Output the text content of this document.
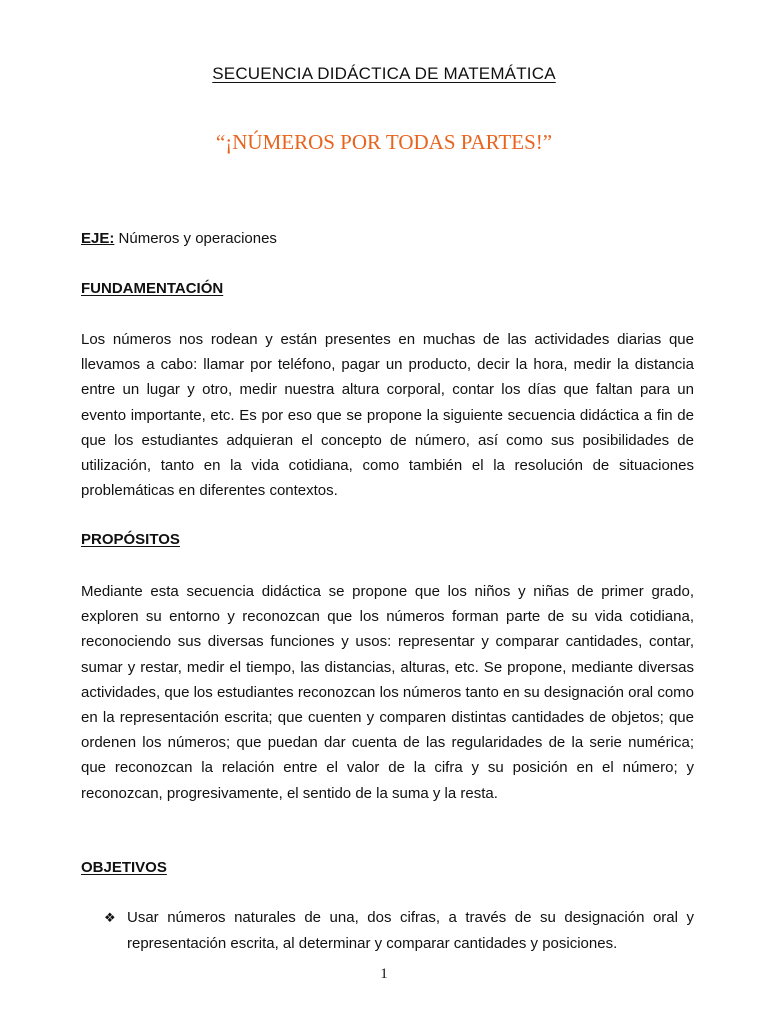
SECUENCIA DIDÁCTICA DE MATEMÁTICA
“¡NÚMEROS POR TODAS PARTES!”
EJE: Números y operaciones
FUNDAMENTACIÓN

Los números nos rodean y están presentes en muchas de las actividades diarias que llevamos a cabo: llamar por teléfono, pagar un producto, decir la hora, medir la distancia entre un lugar y otro, medir nuestra altura corporal, contar los días que faltan para un evento importante, etc. Es por eso que se propone la siguiente secuencia didáctica a fin de que los estudiantes adquieran el concepto de número, así como sus posibilidades de utilización, tanto en la vida cotidiana, como también el la resolución de situaciones problemáticas en diferentes contextos.

PROPÓSITOS

Mediante esta secuencia didáctica se propone que los niños y niñas de primer grado, exploren su entorno y reconozcan que los números forman parte de su vida cotidiana, reconociendo sus diversas funciones y usos: representar y comparar cantidades, contar, sumar y restar, medir el tiempo, las distancias, alturas, etc. Se propone, mediante diversas actividades, que los estudiantes reconozcan los números tanto en su designación oral como en la representación escrita; que cuenten y comparen distintas cantidades de objetos; que ordenen los números; que puedan dar cuenta de las regularidades de la serie numérica; que reconozcan la relación entre el valor de la cifra y su posición en el número; y reconozcan, progresivamente, el sentido de la suma y la resta.

OBJETIVOS
❖ Usar números naturales de una, dos cifras, a través de su designación oral y representación escrita, al determinar y comparar cantidades y posiciones.
1
